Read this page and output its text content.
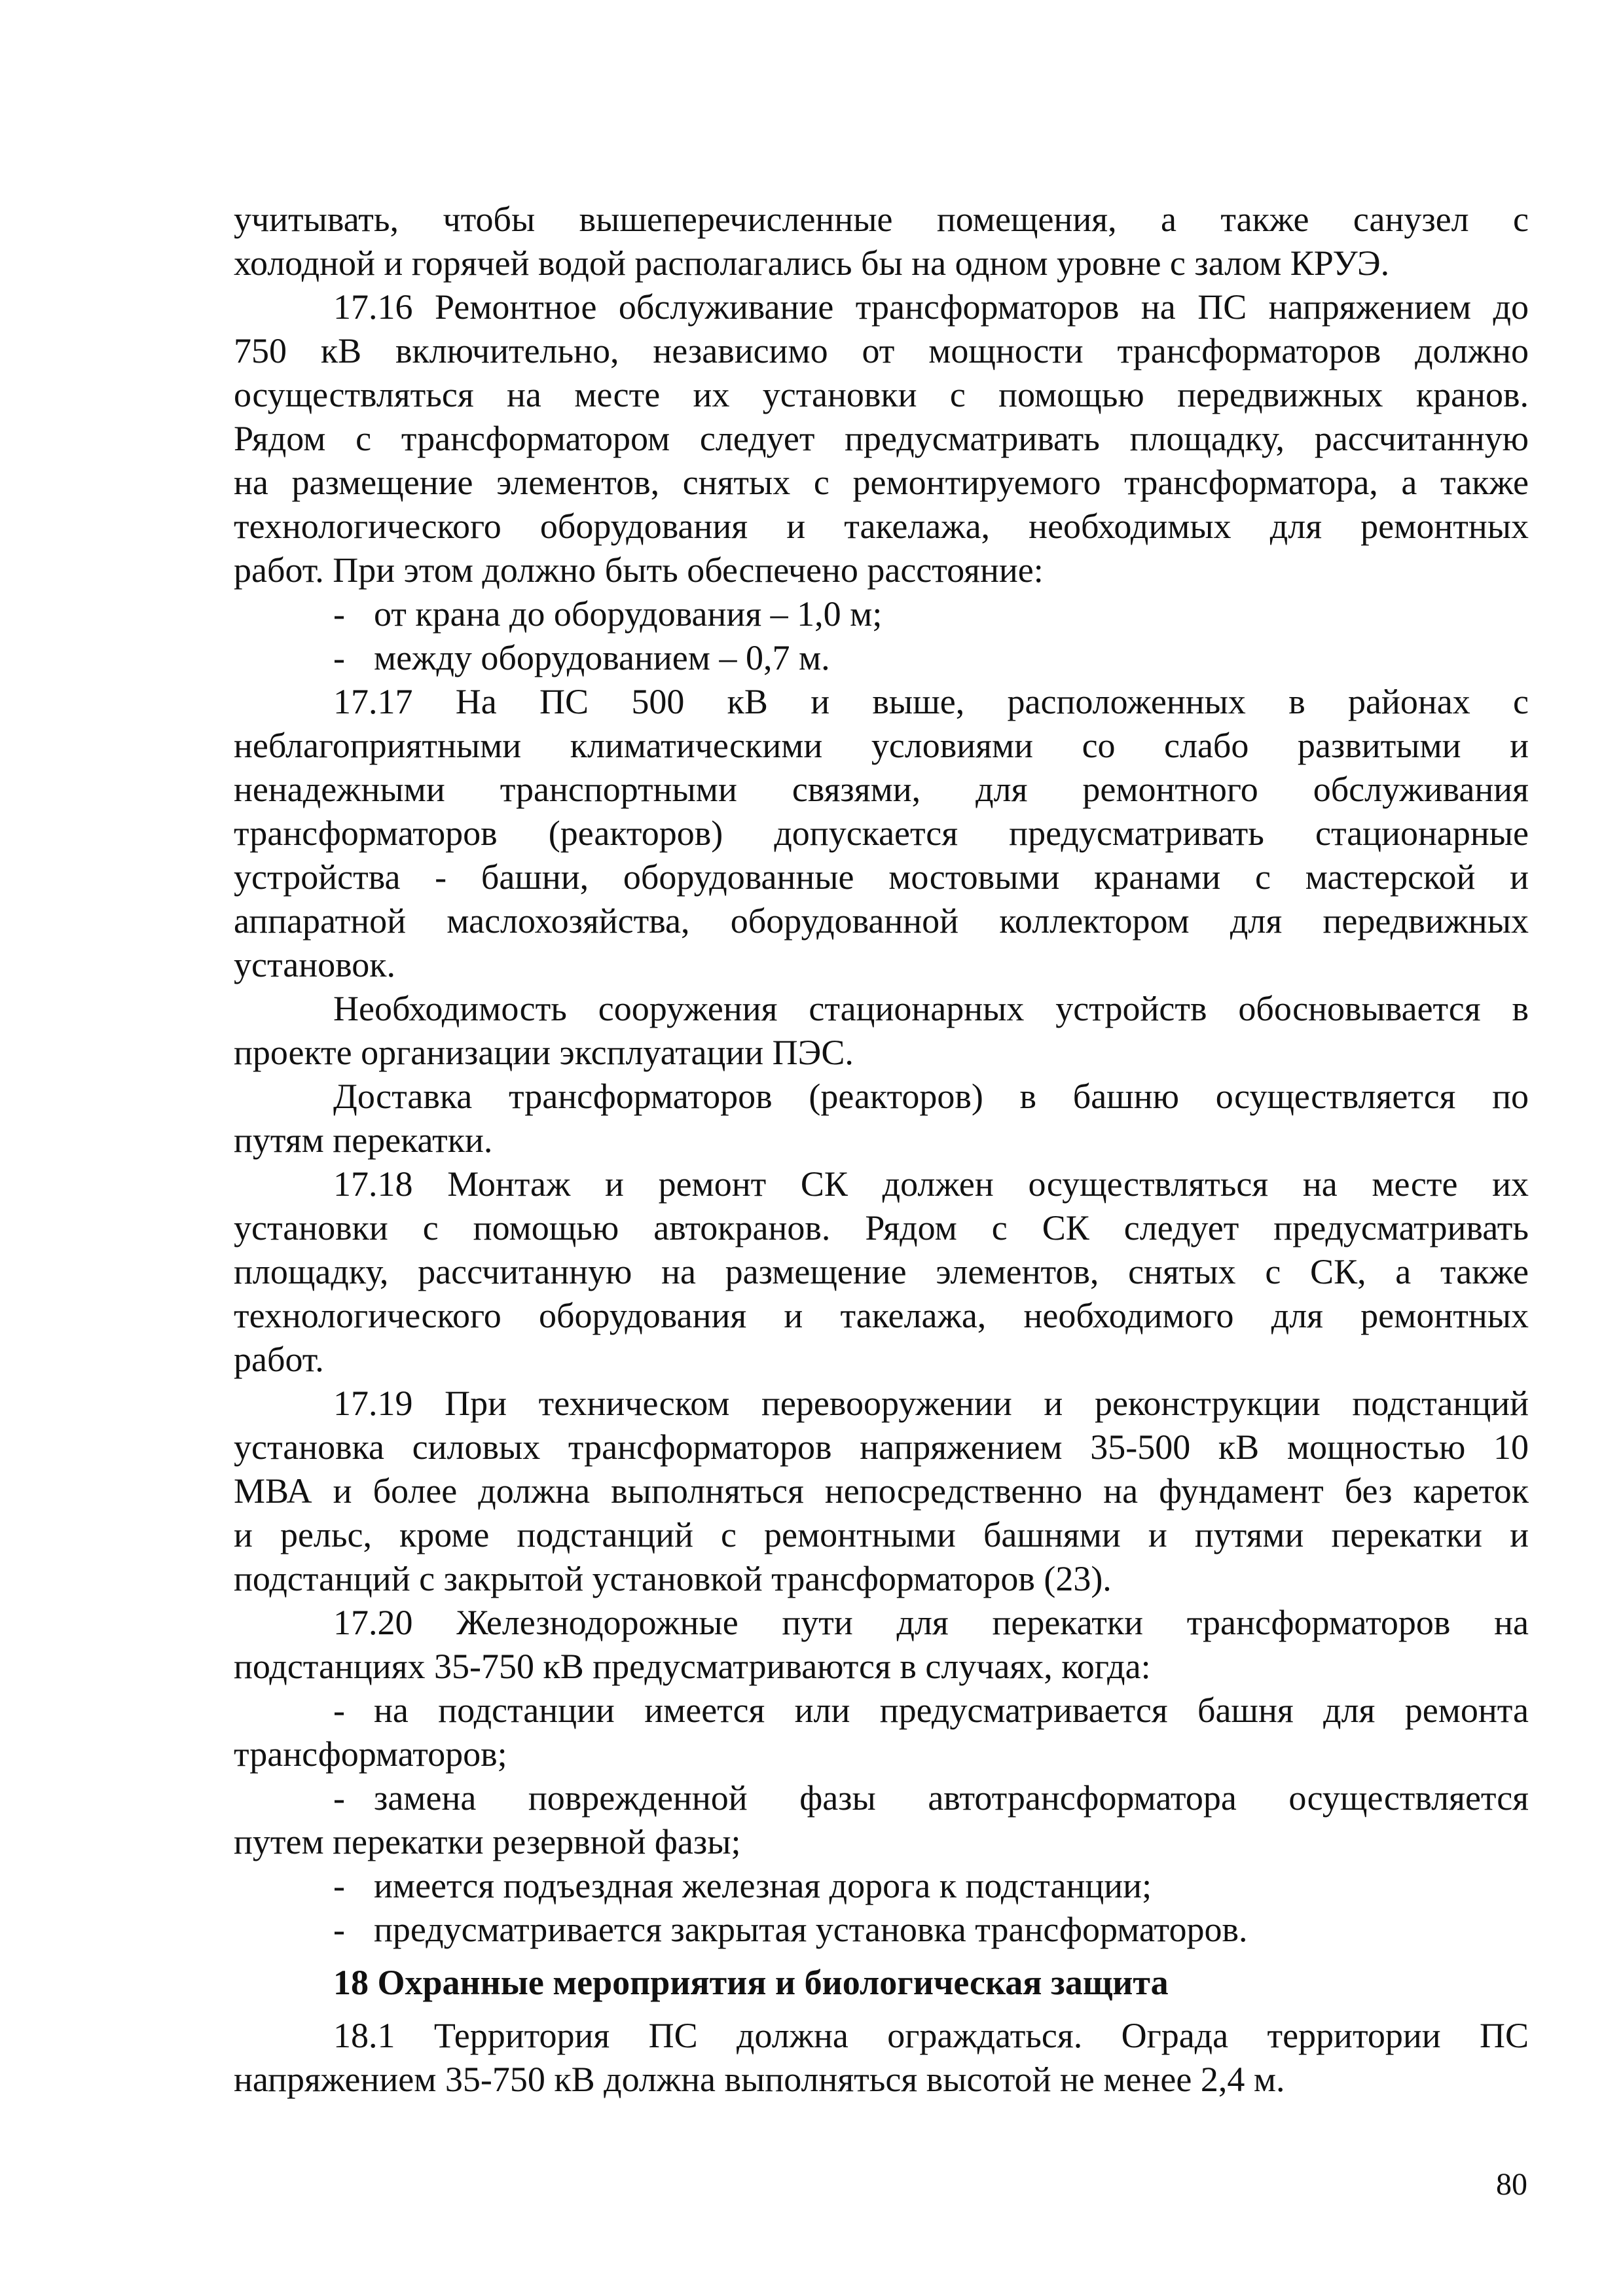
учитывать, чтобы вышеперечисленные помещения, а также санузел с
холодной и горячей водой располагались бы на одном уровне с залом КРУЭ.
17.16 Ремонтное обслуживание трансформаторов на ПС напряжением до
750 кВ включительно, независимо от мощности трансформаторов должно
осуществляться на месте их установки с помощью передвижных кранов.
Рядом с трансформатором следует предусматривать площадку, рассчитанную
на размещение элементов, снятых с ремонтируемого трансформатора, а также
технологического оборудования и такелажа, необходимых для ремонтных
работ. При этом должно быть обеспечено расстояние:
- от крана до оборудования – 1,0 м;
- между оборудованием – 0,7 м.
17.17 На ПС 500 кВ и выше, расположенных в районах с
неблагоприятными климатическими условиями со слабо развитыми и
ненадежными транспортными связями, для ремонтного обслуживания
трансформаторов (реакторов) допускается предусматривать стационарные
устройства - башни, оборудованные мостовыми кранами с мастерской и
аппаратной маслохозяйства, оборудованной коллектором для передвижных
установок.
Необходимость сооружения стационарных устройств обосновывается в
проекте организации эксплуатации ПЭС.
Доставка трансформаторов (реакторов) в башню осуществляется по
путям перекатки.
17.18 Монтаж и ремонт СК должен осуществляться на месте их
установки с помощью автокранов. Рядом с СК следует предусматривать
площадку, рассчитанную на размещение элементов, снятых с СК, а также
технологического оборудования и такелажа, необходимого для ремонтных
работ.
17.19 При техническом перевооружении и реконструкции подстанций
установка силовых трансформаторов напряжением 35-500 кВ мощностью 10
МВА и более должна выполняться непосредственно на фундамент без кареток
и рельс, кроме подстанций с ремонтными башнями и путями перекатки и
подстанций с закрытой установкой трансформаторов (23).
17.20 Железнодорожные пути для перекатки трансформаторов на
подстанциях 35-750 кВ предусматриваются в случаях, когда:
- на подстанции имеется или предусматривается башня для ремонта
трансформаторов;
- замена поврежденной фазы автотрансформатора осуществляется
путем перекатки резервной фазы;
- имеется подъездная железная дорога к подстанции;
- предусматривается закрытая установка трансформаторов.
18 Охранные мероприятия и биологическая защита
18.1 Территория ПС должна ограждаться. Ограда территории ПС
напряжением 35-750 кВ должна выполняться высотой не менее 2,4 м.
80
